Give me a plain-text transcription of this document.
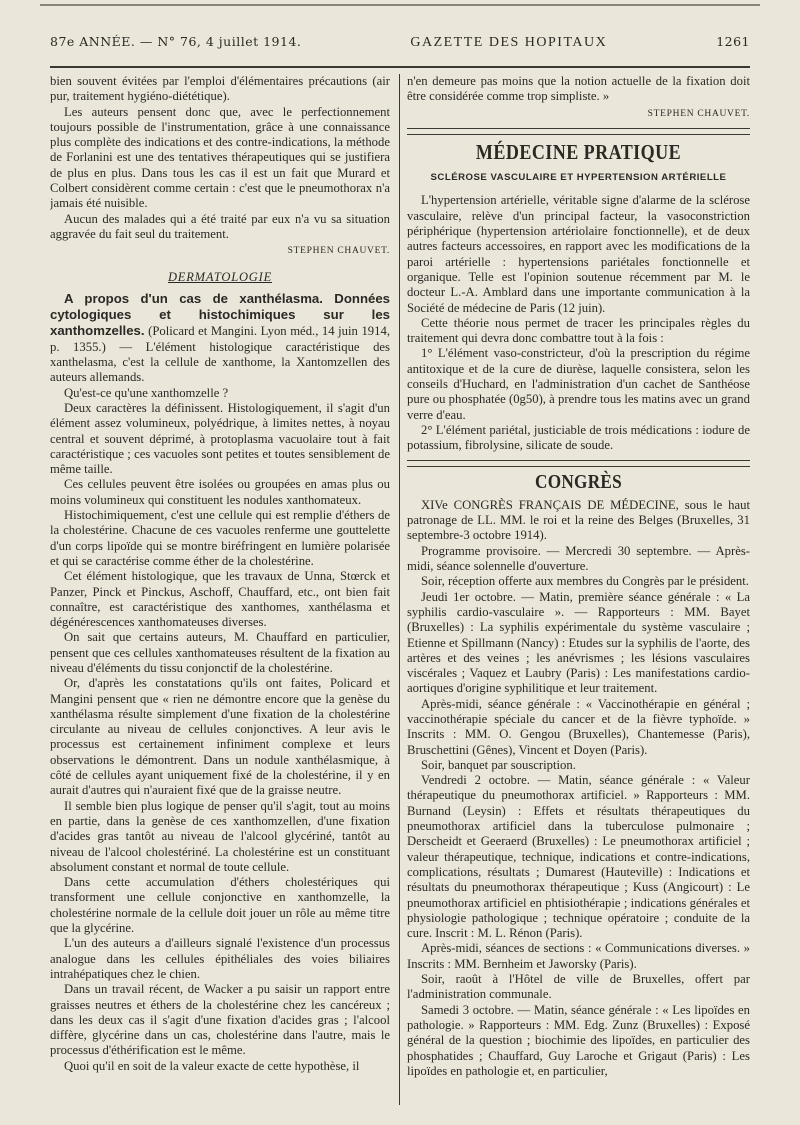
87e ANNÉE. — N° 76, 4 juillet 1914.	GAZETTE DES HOPITAUX	1261

bien souvent évitées par l'emploi d'élémentaires précautions (air pur, traitement hygiéno-diététique).

Les auteurs pensent donc que, avec le perfectionnement toujours possible de l'instrumentation, grâce à une connaissance plus complète des indications et des contre-indications, la méthode de Forlanini est une des tentatives thérapeutiques qui se justifiera de plus en plus. Dans tous les cas il est un fait que Murard et Colbert considèrent comme certain : c'est que le pneumothorax n'a jamais été nuisible.

Aucun des malades qui a été traité par eux n'a vu sa situation aggravée du fait seul du traitement.

STEPHEN CHAUVET.
DERMATOLOGIE

A propos d'un cas de xanthélasma. Données cytologiques et histochimiques sur les xanthomzelles. (Policard et Mangini. Lyon méd., 14 juin 1914, p. 1355.) — L'élément histologique caractéristique des xanthelasma, c'est la cellule de xanthome, la Xantomzellen des auteurs allemands.

Qu'est-ce qu'une xanthomzelle ?

Deux caractères la définissent. Histologiquement, il s'agit d'un élément assez volumineux, polyédrique, à limites nettes, à noyau central et souvent déprimé, à protoplasma vacuolaire tout à fait caractéristique ; ces vacuoles sont petites et toutes sensiblement de même taille.

Ces cellules peuvent être isolées ou groupées en amas plus ou moins volumineux qui constituent les nodules xanthomateux.

Histochimiquement, c'est une cellule qui est remplie d'éthers de la cholestérine. Chacune de ces vacuoles renferme une gouttelette d'un corps lipoïde qui se montre biréfringent en lumière polarisée et qui se caractérise comme éther de la cholestérine.

Cet élément histologique, que les travaux de Unna, Stœrck et Panzer, Pinck et Pinckus, Aschoff, Chauffard, etc., ont bien fait connaître, est caractéristique des xanthomes, xanthélasma et dégénérescences xanthomateuses diverses.

On sait que certains auteurs, M. Chauffard en particulier, pensent que ces cellules xanthomateuses résultent de la fixation au niveau d'éléments du tissu conjonctif de la cholestérine.

Or, d'après les constatations qu'ils ont faites, Policard et Mangini pensent que « rien ne démontre encore que la genèse du xanthélasma résulte simplement d'une fixation de la cholestérine circulante au niveau de cellules conjonctives. A leur avis le processus est certainement infiniment complexe et leurs observations le démontrent. Dans un nodule xanthélasmique, à côté de cellules ayant uniquement fixé de la cholestérine, il y en aurait d'autres qui n'auraient fixé que de la graisse neutre.

Il semble bien plus logique de penser qu'il s'agit, tout au moins en partie, dans la genèse de ces xanthomzellen, d'une fixation d'acides gras tantôt au niveau de l'alcool glycériné, tantôt au niveau de l'alcool cholestériné. La cholestérine est un constituant absolument constant et normal de toute cellule.

Dans cette accumulation d'éthers cholestériques qui transforment une cellule conjonctive en xanthomzelle, la cholestérine normale de la cellule doit jouer un rôle au même titre que la glycérine.

L'un des auteurs a d'ailleurs signalé l'existence d'un processus analogue dans les cellules épithéliales des voies biliaires intrahépatiques chez le chien.

Dans un travail récent, de Wacker a pu saisir un rapport entre graisses neutres et éthers de la cholestérine chez les cancéreux ; dans les deux cas il s'agit d'une fixation d'acides gras ; l'alcool diffère, glycérine dans un cas, cholestérine dans l'autre, mais le processus d'éthérification est le même.

Quoi qu'il en soit de la valeur exacte de cette hypothèse, il

n'en demeure pas moins que la notion actuelle de la fixation doit être considérée comme trop simpliste. »

STEPHEN CHAUVET.
MÉDECINE PRATIQUE
SCLÉROSE VASCULAIRE ET HYPERTENSION ARTÉRIELLE

L'hypertension artérielle, véritable signe d'alarme de la sclérose vasculaire, relève d'un principal facteur, la vasoconstriction périphérique (hypertension artériolaire fonctionnelle), et de deux autres facteurs accessoires, en rapport avec les modifications de la paroi artérielle : hypertensions pariétales fonctionnelle et organique. Telle est l'opinion soutenue récemment par M. le docteur L.-A. Amblard dans une importante communication à la Société de médecine de Paris (12 juin).

Cette théorie nous permet de tracer les principales règles du traitement qui devra donc combattre tout à la fois :

1° L'élément vaso-constricteur, d'où la prescription du régime antitoxique et de la cure de diurèse, laquelle consistera, selon les conseils d'Huchard, en l'administration d'un cachet de Santhéose pure ou phosphatée (0g50), à prendre tous les matins avec un grand verre d'eau.

2° L'élément pariétal, justiciable de trois médications : iodure de potassium, fibrolysine, silicate de soude.

CONGRÈS

XIVe CONGRÈS FRANÇAIS DE MÉDECINE, sous le haut patronage de LL. MM. le roi et la reine des Belges (Bruxelles, 31 septembre-3 octobre 1914).

Programme provisoire. — Mercredi 30 septembre. — Après-midi, séance solennelle d'ouverture.

Soir, réception offerte aux membres du Congrès par le président.

Jeudi 1er octobre. — Matin, première séance générale : « La syphilis cardio-vasculaire ». — Rapporteurs : MM. Bayet (Bruxelles) : La syphilis expérimentale du système vasculaire ; Etienne et Spillmann (Nancy) : Etudes sur la syphilis de l'aorte, des artères et des veines ; les anévrismes ; les lésions vasculaires viscérales ; Vaquez et Laubry (Paris) : Les manifestations cardio-aortiques d'origine syphilitique et leur traitement.

Après-midi, séance générale : « Vaccinothérapie en général ; vaccinothérapie spéciale du cancer et de la fièvre typhoïde. » Inscrits : MM. O. Gengou (Bruxelles), Chantemesse (Paris), Bruschettini (Gênes), Vincent et Doyen (Paris).

Soir, banquet par souscription.

Vendredi 2 octobre. — Matin, séance générale : « Valeur thérapeutique du pneumothorax artificiel. » Rapporteurs : MM. Burnand (Leysin) : Effets et résultats thérapeutiques du pneumothorax artificiel dans la tuberculose pulmonaire ; Derscheidt et Geeraerd (Bruxelles) : Le pneumothorax artificiel ; valeur thérapeutique, technique, indications et contre-indications, complications, résultats ; Dumarest (Hauteville) : Indications et résultats du pneumothorax thérapeutique ; Kuss (Angicourt) : Le pneumothorax artificiel en phtisiothérapie ; indications générales et physiologie pathologique ; technique opératoire ; conduite de la cure. Inscrit : M. L. Rénon (Paris).

Après-midi, séances de sections : « Communications diverses. » Inscrits : MM. Bernheim et Jaworsky (Paris).

Soir, raoût à l'Hôtel de ville de Bruxelles, offert par l'administration communale.

Samedi 3 octobre. — Matin, séance générale : « Les lipoïdes en pathologie. » Rapporteurs : MM. Edg. Zunz (Bruxelles) : Exposé général de la question ; biochimie des lipoïdes, en particulier des phosphatides ; Chauffard, Guy Laroche et Grigaut (Paris) : Les lipoïdes en pathologie et, en particulier,
